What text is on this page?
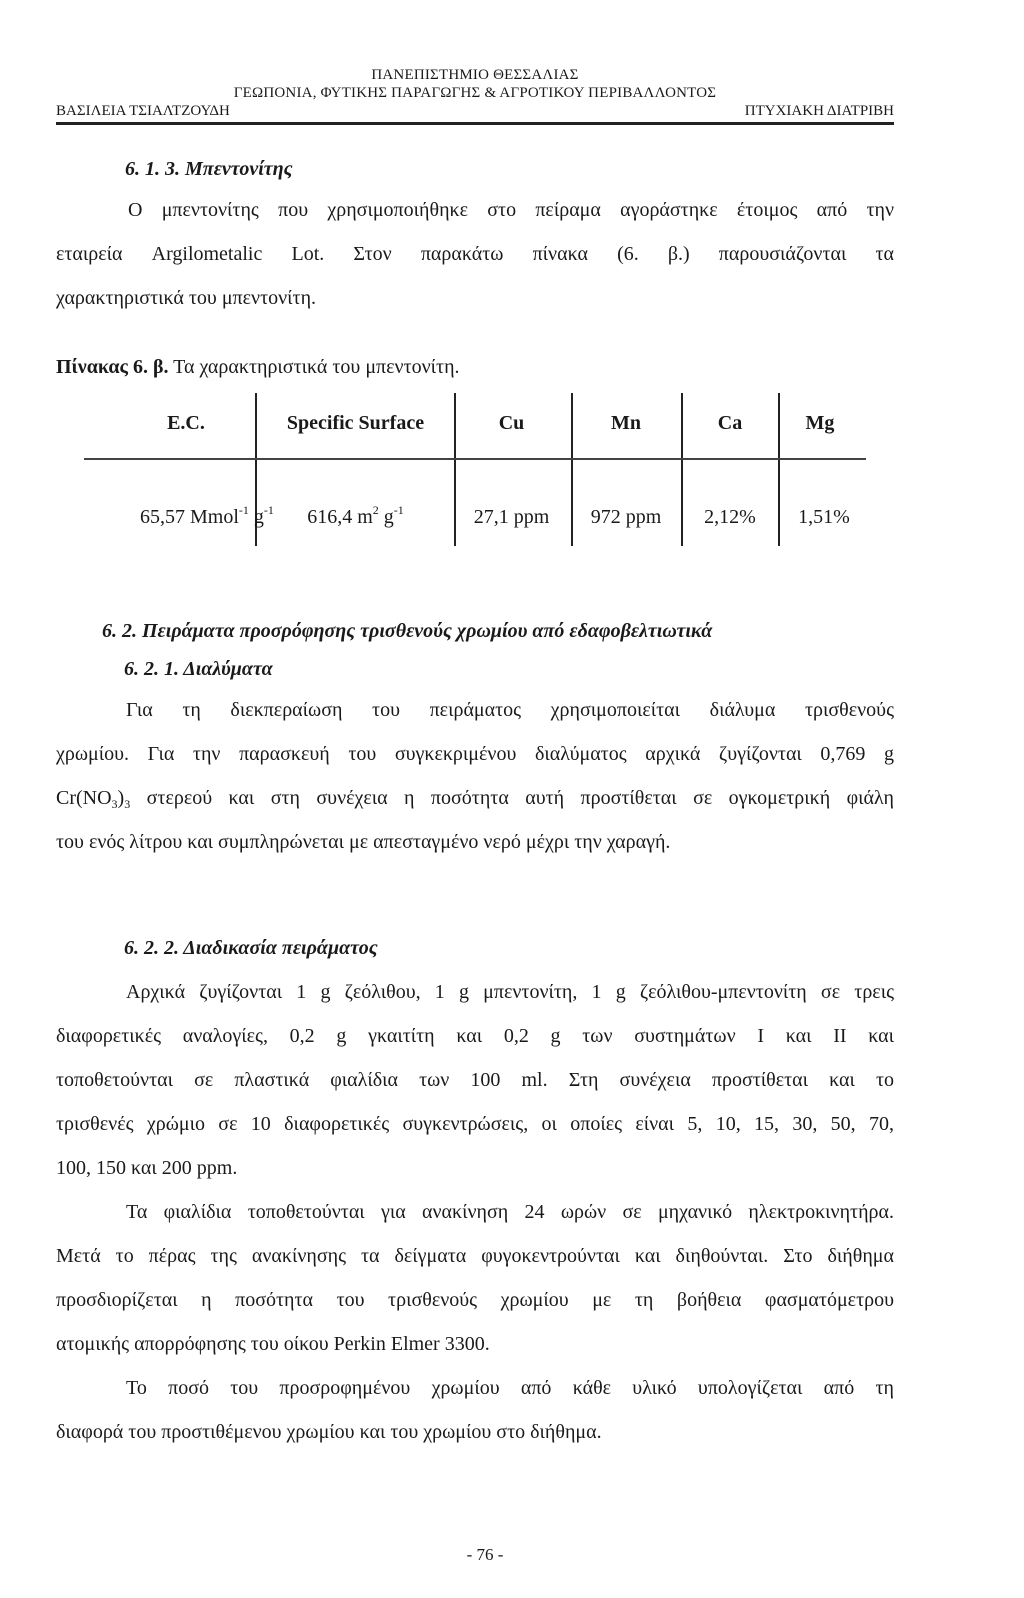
ΠΑΝΕΠΙΣΤΗΜΙΟ ΘΕΣΣΑΛΙΑΣ
ΓΕΩΠΟΝΙΑ, ΦΥΤΙΚΗΣ ΠΑΡΑΓΩΓΗΣ & ΑΓΡΟΤΙΚΟΥ ΠΕΡΙΒΑΛΛΟΝΤΟΣ
ΒΑΣΙΛΕΙΑ ΤΣΙΑΛΤΖΟΥΔΗ	ΠΤΥΧΙΑΚΗ ΔΙΑΤΡΙΒΗ
6. 1. 3. Μπεντονίτης
Ο μπεντονίτης που χρησιμοποιήθηκε στο πείραμα αγοράστηκε έτοιμος από την
εταιρεία Argilometalic Lot. Στον παρακάτω πίνακα (6. β.) παρουσιάζονται τα
χαρακτηριστικά του μπεντονίτη.
Πίνακας 6. β. Τα χαρακτηριστικά του μπεντονίτη.
E.C.	Specific Surface	Cu	Mn	Ca	Mg
65,57 Mmol$^{-1}$ $g^{-1}$	616,4 $m^2$ $g^{-1}$	27,1 ppm	972 ppm	2,12%	1,51%
6. 2. Πειράματα προσρόφησης τρισθενούς χρωμίου από εδαφοβελτιωτικά
6. 2. 1. Διαλύματα
Για τη διεκπεραίωση του πειράματος χρησιμοποιείται διάλυμα τρισθενούς
χρωμίου. Για την παρασκευή του συγκεκριμένου διαλύματος αρχικά ζυγίζονται 0,769 g
$Cr(NO_3)_3$ στερεού και στη συνέχεια η ποσότητα αυτή προστίθεται σε ογκομετρική φιάλη
του ενός λίτρου και συμπληρώνεται με απεσταγμένο νερό μέχρι την χαραγή.
6. 2. 2. Διαδικασία πειράματος
Αρχικά ζυγίζονται 1 g ζεόλιθου, 1 g μπεντονίτη, 1 g ζεόλιθου-μπεντονίτη σε τρεις
διαφορετικές αναλογίες, 0,2 g γκαιτίτη και 0,2 g των συστημάτων I και II και
τοποθετούνται σε πλαστικά φιαλίδια των 100 ml. Στη συνέχεια προστίθεται και το
τρισθενές χρώμιο σε 10 διαφορετικές συγκεντρώσεις, οι οποίες είναι 5, 10, 15, 30, 50, 70,
100, 150 και 200 ppm.
Τα φιαλίδια τοποθετούνται για ανακίνηση 24 ωρών σε μηχανικό ηλεκτροκινητήρα.
Μετά το πέρας της ανακίνησης τα δείγματα φυγοκεντρούνται και διηθούνται. Στο διήθημα
προσδιορίζεται η ποσότητα του τρισθενούς χρωμίου με τη βοήθεια φασματόμετρου
ατομικής απορρόφησης του οίκου Perkin Elmer 3300.
Το ποσό του προσροφημένου χρωμίου από κάθε υλικό υπολογίζεται από τη
διαφορά του προστιθέμενου χρωμίου και του χρωμίου στο διήθημα.
- 76 -
